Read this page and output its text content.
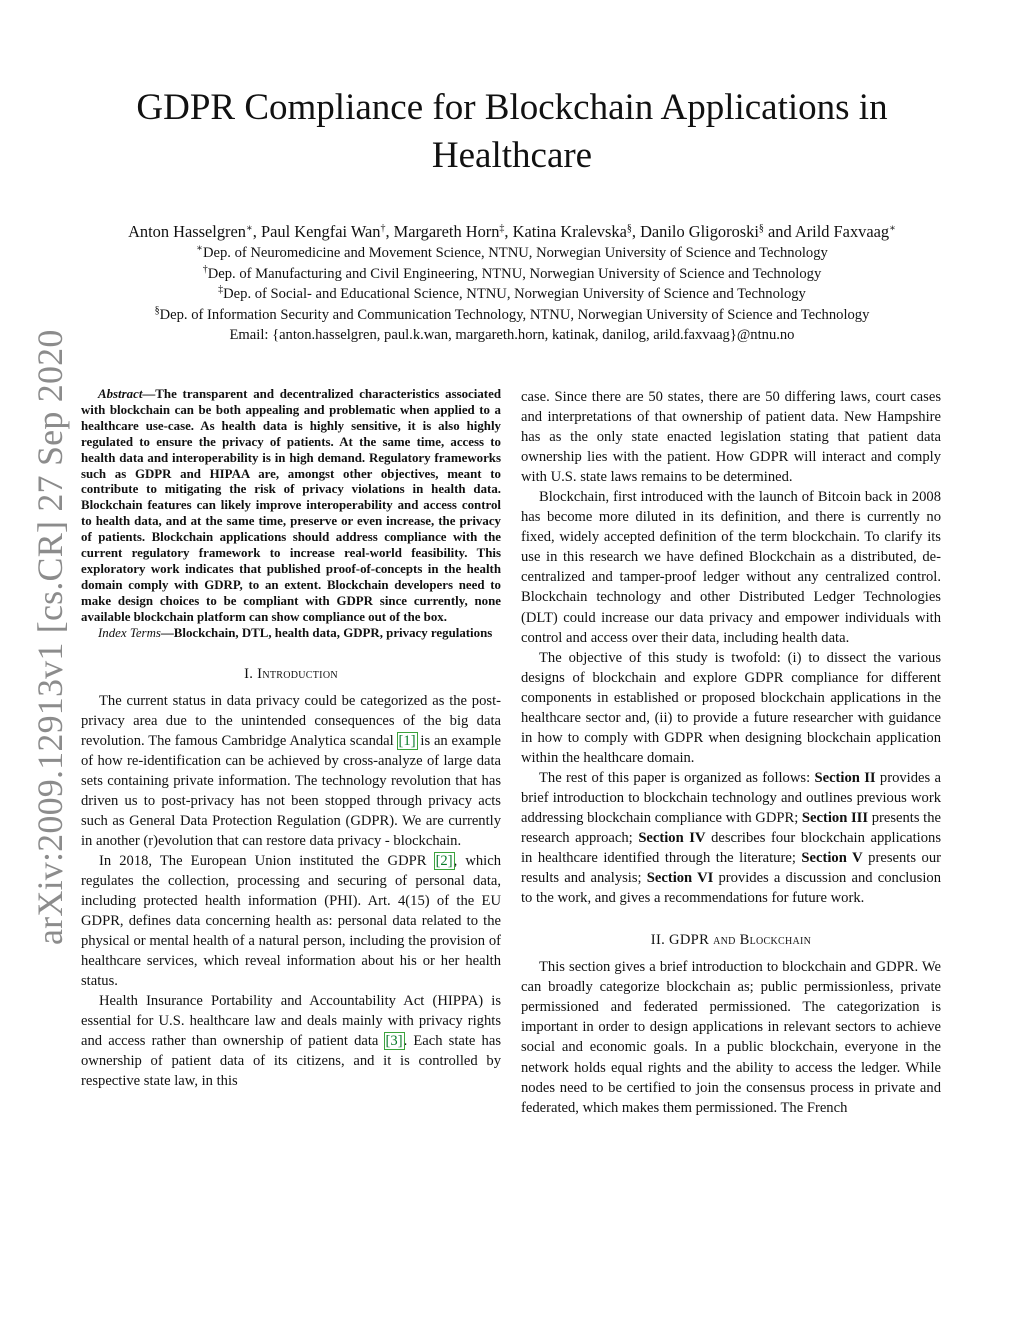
arXiv:2009.12913v1 [cs.CR] 27 Sep 2020
GDPR Compliance for Blockchain Applications in
Healthcare
Anton Hasselgren∗, Paul Kengfai Wan†, Margareth Horn‡, Katina Kralevska§, Danilo Gligoroski§ and Arild Faxvaag∗
∗Dep. of Neuromedicine and Movement Science, NTNU, Norwegian University of Science and Technology
†Dep. of Manufacturing and Civil Engineering, NTNU, Norwegian University of Science and Technology
‡Dep. of Social- and Educational Science, NTNU, Norwegian University of Science and Technology
§Dep. of Information Security and Communication Technology, NTNU, Norwegian University of Science and Technology
Email: {anton.hasselgren, paul.k.wan, margareth.horn, katinak, danilog, arild.faxvaag}@ntnu.no

Abstract—The transparent and decentralized characteristics associated with blockchain can be both appealing and problematic when applied to a healthcare use-case. As health data is highly sensitive, it is also highly regulated to ensure the privacy of patients. At the same time, access to health data and interoperability is in high demand. Regulatory frameworks such as GDPR and HIPAA are, amongst other objectives, meant to contribute to mitigating the risk of privacy violations in health data. Blockchain features can likely improve interoperability and access control to health data, and at the same time, preserve or even increase, the privacy of patients. Blockchain applications should address compliance with the current regulatory framework to increase real-world feasibility. This exploratory work indicates that published proof-of-concepts in the health domain comply with GDRP, to an extent. Blockchain developers need to make design choices to be compliant with GDPR since currently, none available blockchain platform can show compliance out of the box.

Index Terms—Blockchain, DTL, health data, GDPR, privacy regulations

I. Introduction

The current status in data privacy could be categorized as the post-privacy area due to the unintended consequences of the big data revolution. The famous Cambridge Analytica scandal [1] is an example of how re-identification can be achieved by cross-analyze of large data sets containing private information. The technology revolution that has driven us to post-privacy has not been stopped through privacy acts such as General Data Protection Regulation (GDPR). We are currently in another (r)evolution that can restore data privacy - blockchain.

In 2018, The European Union instituted the GDPR [2], which regulates the collection, processing and securing of personal data, including protected health information (PHI). Art. 4(15) of the EU GDPR, defines data concerning health as: personal data related to the physical or mental health of a natural person, including the provision of healthcare services, which reveal information about his or her health status.

Health Insurance Portability and Accountability Act (HIPPA) is essential for U.S. healthcare law and deals mainly with privacy rights and access rather than ownership of patient data [3]. Each state has ownership of patient data of its citizens, and it is controlled by respective state law, in this

case. Since there are 50 states, there are 50 differing laws, court cases and interpretations of that ownership of patient data. New Hampshire has as the only state enacted legislation stating that patient data ownership lies with the patient. How GDPR will interact and comply with U.S. state laws remains to be determined.

Blockchain, first introduced with the launch of Bitcoin back in 2008 has become more diluted in its definition, and there is currently no fixed, widely accepted definition of the term blockchain. To clarify its use in this research we have defined Blockchain as a distributed, de-centralized and tamper-proof ledger without any centralized control. Blockchain technology and other Distributed Ledger Technologies (DLT) could increase our data privacy and empower individuals with control and access over their data, including health data.

The objective of this study is twofold: (i) to dissect the various designs of blockchain and explore GDPR compliance for different components in established or proposed blockchain applications in the healthcare sector and, (ii) to provide a future researcher with guidance in how to comply with GDPR when designing blockchain application within the healthcare domain.

The rest of this paper is organized as follows: Section II provides a brief introduction to blockchain technology and outlines previous work addressing blockchain compliance with GDPR; Section III presents the research approach; Section IV describes four blockchain applications in healthcare identified through the literature; Section V presents our results and analysis; Section VI provides a discussion and conclusion to the work, and gives a recommendations for future work.

II. GDPR and Blockchain

This section gives a brief introduction to blockchain and GDPR. We can broadly categorize blockchain as; public permissionless, private permissioned and federated permissioned. The categorization is important in order to design applications in relevant sectors to achieve social and economic goals. In a public blockchain, everyone in the network holds equal rights and the ability to access the ledger. While nodes need to be certified to join the consensus process in private and federated, which makes them permissioned. The French
